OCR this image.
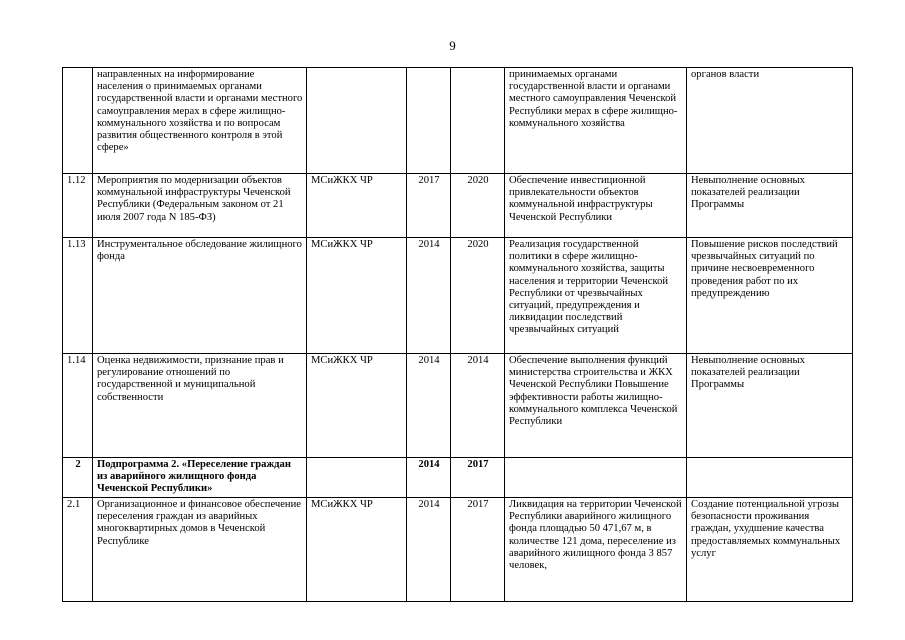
9
	направленных на информирование населения о принимаемых органами государственной власти и органами местного самоуправления мерах в сфере жилищно-коммунального хозяйства и по вопросам развития общественного контроля в этой сфере»				принимаемых органами государственной власти и органами местного самоуправления Чеченской Республики мерах в сфере жилищно-коммунального хозяйства	органов власти
1.12	Мероприятия по модернизации объектов коммунальной инфраструктуры Чеченской Республики (Федеральным законом от 21 июля 2007 года N 185-ФЗ)	МСиЖКХ ЧР	2017	2020	Обеспечение инвестиционной привлекательности объектов коммунальной инфраструктуры Чеченской Республики	Невыполнение основных показателей реализации Программы
1.13	Инструментальное обследование жилищного фонда	МСиЖКХ ЧР	2014	2020	Реализация государственной политики в сфере жилищно-коммунального хозяйства, защиты населения и территории Чеченской Республики от чрезвычайных ситуаций, предупреждения и ликвидации последствий чрезвычайных ситуаций	Повышение рисков последствий чрезвычайных ситуаций по причине несвоевременного проведения работ по их предупреждению
1.14	Оценка недвижимости, признание прав и регулирование отношений по государственной и муниципальной собственности	МСиЖКХ ЧР	2014	2014	Обеспечение выполнения функций министерства строительства и ЖКХ Чеченской Республики Повышение эффективности работы жилищно-коммунального комплекса Чеченской Республики	Невыполнение основных показателей реализации Программы
2	Подпрограмма 2. «Переселение граждан из аварийного жилищного фонда Чеченской Республики»		2014	2017		
2.1	Организационное и финансовое обеспечение переселения граждан из аварийных многоквартирных домов в Чеченской Республике	МСиЖКХ ЧР	2014	2017	Ликвидация на территории Чеченской Республики аварийного жилищного фонда площадью 50 471,67 м, в количестве 121 дома, переселение из аварийного жилищного фонда 3 857 человек,	Создание потенциальной угрозы безопасности проживания граждан, ухудшение качества предоставляемых коммунальных услуг
